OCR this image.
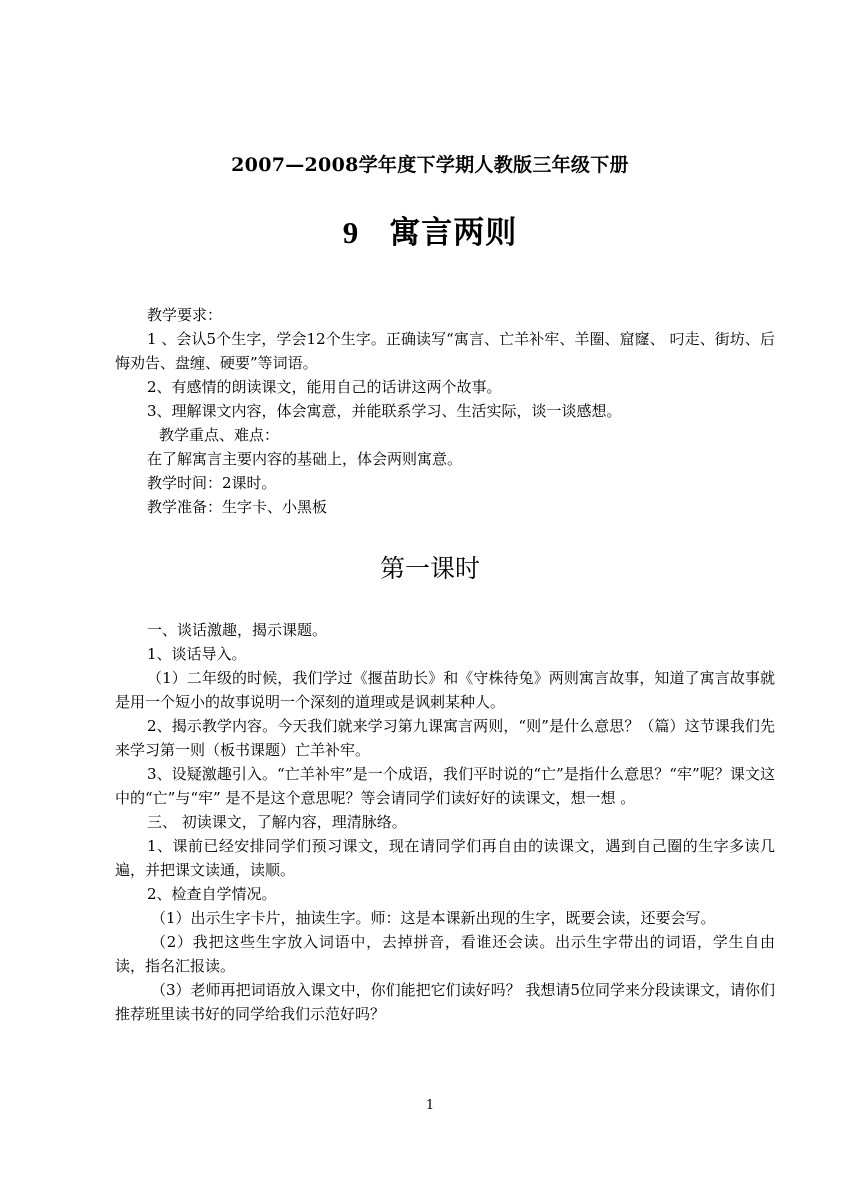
2007—2008学年度下学期人教版三年级下册
9 寓言两则

教学要求：

1 、会认5个生字，学会12个生字。正确读写“寓言、亡羊补牢、羊圈、窟窿、 叼走、街坊、后悔劝告、盘缠、硬要”等词语。

2、有感情的朗读课文，能用自己的话讲这两个故事。

3、理解课文内容，体会寓意，并能联系学习、生活实际，谈一谈感想。

教学重点、难点：

在了解寓言主要内容的基础上，体会两则寓意。

教学时间：2课时。

教学准备：生字卡、小黑板

第一课时

一、谈话激趣，揭示课题。

1、谈话导入。

（1）二年级的时候，我们学过《揠苗助长》和《守株待兔》两则寓言故事，知道了寓言故事就是用一个短小的故事说明一个深刻的道理或是讽刺某种人。

2、揭示教学内容。今天我们就来学习第九课寓言两则，“则”是什么意思？（篇）这节课我们先来学习第一则（板书课题）亡羊补牢。

3、设疑激趣引入。“亡羊补牢”是一个成语，我们平时说的“亡”是指什么意思？“牢”呢？课文这中的“亡”与“牢” 是不是这个意思呢？等会请同学们读好好的读课文，想一想 。

三、 初读课文，了解内容，理清脉络。

1、课前已经安排同学们预习课文，现在请同学们再自由的读课文，遇到自己圈的生字多读几遍，并把课文读通，读顺。

2、检查自学情况。

（1）出示生字卡片，抽读生字。师：这是本课新出现的生字，既要会读，还要会写。

（2）我把这些生字放入词语中，去掉拼音，看谁还会读。出示生字带出的词语，学生自由读，指名汇报读。

（3）老师再把词语放入课文中，你们能把它们读好吗？ 我想请5位同学来分段读课文，请你们推荐班里读书好的同学给我们示范好吗？

1
